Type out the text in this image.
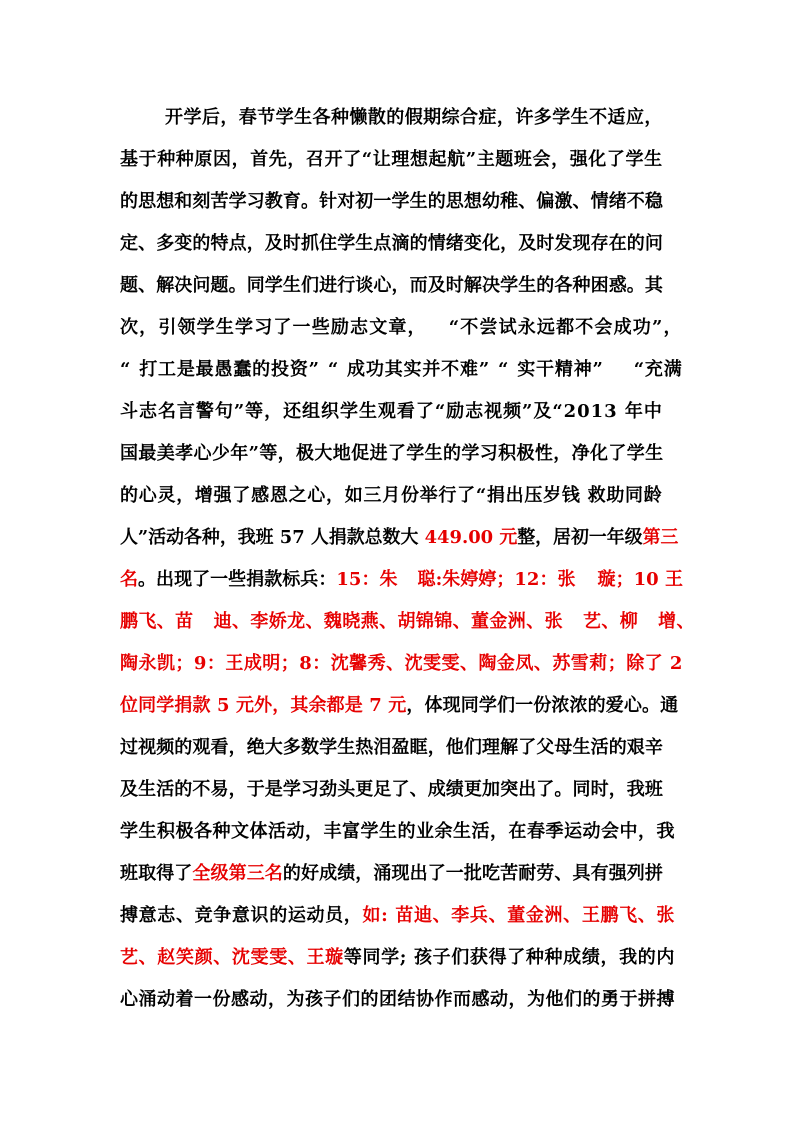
开学后，春节学生各种懒散的假期综合症，许多学生不适应，
基于种种原因，首先，召开了“让理想起航”主题班会，强化了学生
的思想和刻苦学习教育。针对初一学生的思想幼稚、偏激、情绪不稳
定、多变的特点，及时抓住学生点滴的情绪变化，及时发现存在的问
题、解决问题。同学生们进行谈心，而及时解决学生的各种困惑。其
次，引领学生学习了一些励志文章， “不尝试永远都不会成功”，
“ 打工是最愚蠢的投资” “ 成功其实并不难” “ 实干精神” “充满
斗志名言警句”等，还组织学生观看了“励志视频”及“2013 年中
国最美孝心少年”等，极大地促进了学生的学习积极性，净化了学生
的心灵，增强了感恩之心，如三月份举行了“捐出压岁钱 救助同龄
人”活动各种，我班 57 人捐款总数大 449.00 元整，居初一年级第三
名。出现了一些捐款标兵：15：朱 聪:朱婷婷；12：张 璇；10 王
鹏飞、苗 迪、李娇龙、魏晓燕、胡锦锦、董金洲、张 艺、柳 增、
陶永凯；9：王成明；8：沈馨秀、沈雯雯、陶金凤、苏雪莉；除了 2
位同学捐款 5 元外，其余都是 7 元，体现同学们一份浓浓的爱心。通
过视频的观看，绝大多数学生热泪盈眶，他们理解了父母生活的艰辛
及生活的不易，于是学习劲头更足了、成绩更加突出了。同时，我班
学生积极各种文体活动，丰富学生的业余生活，在春季运动会中，我
班取得了全级第三名的好成绩，涌现出了一批吃苦耐劳、具有强列拼
搏意志、竞争意识的运动员，如: 苗迪、李兵、董金洲、王鹏飞、张
艺、赵笑颜、沈雯雯、王璇等同学; 孩子们获得了种种成绩，我的内
心涌动着一份感动，为孩子们的团结协作而感动，为他们的勇于拼搏
